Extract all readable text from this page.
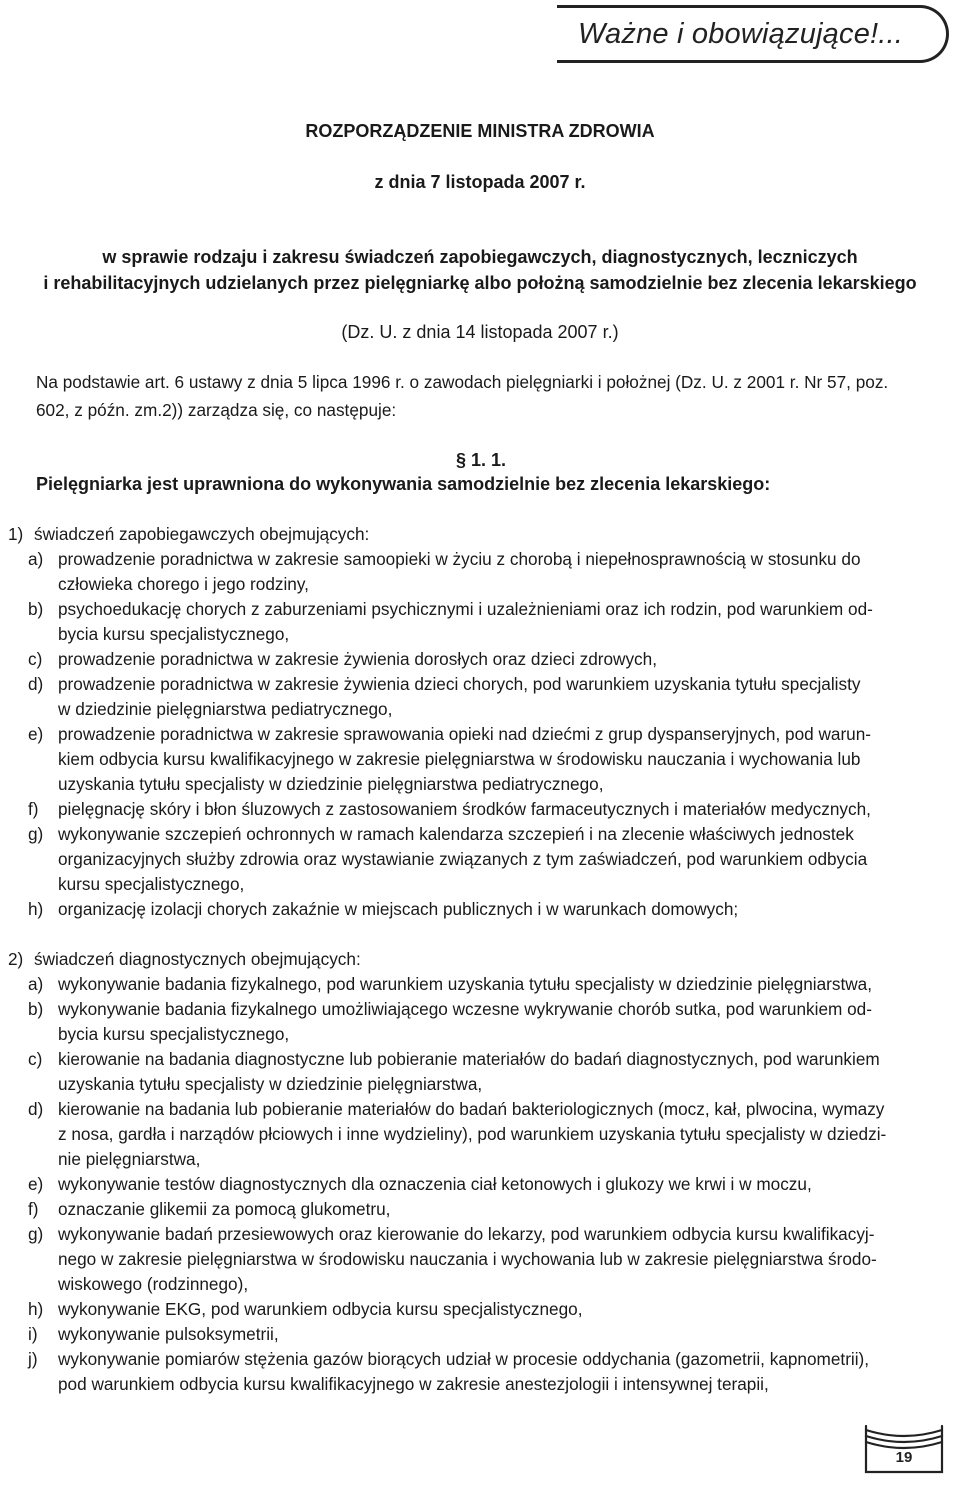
Ważne i obowiązujące!...
ROZPORZĄDZENIE MINISTRA ZDROWIA
z dnia 7 listopada 2007 r.
w sprawie rodzaju i zakresu świadczeń zapobiegawczych, diagnostycznych, leczniczych
i rehabilitacyjnych udzielanych przez pielęgniarkę albo położną samodzielnie bez zlecenia lekarskiego
(Dz. U. z dnia 14 listopada 2007 r.)
Na podstawie art. 6 ustawy z dnia 5 lipca 1996 r. o zawodach pielęgniarki i położnej (Dz. U. z 2001 r. Nr 57, poz.
602, z późn. zm.2)) zarządza się, co następuje:
§ 1. 1.
Pielęgniarka jest uprawniona do wykonywania samodzielnie bez zlecenia lekarskiego:
1) świadczeń zapobiegawczych obejmujących:
a) prowadzenie poradnictwa w zakresie samoopieki w życiu z chorobą i niepełnosprawnością w stosunku do
człowieka chorego i jego rodziny,
b) psychoedukację chorych z zaburzeniami psychicznymi i uzależnieniami oraz ich rodzin, pod warunkiem od-
bycia kursu specjalistycznego,
c) prowadzenie poradnictwa w zakresie żywienia dorosłych oraz dzieci zdrowych,
d) prowadzenie poradnictwa w zakresie żywienia dzieci chorych, pod warunkiem uzyskania tytułu specjalisty
w dziedzinie pielęgniarstwa pediatrycznego,
e) prowadzenie poradnictwa w zakresie sprawowania opieki nad dziećmi z grup dyspanseryjnych, pod warun-
kiem odbycia kursu kwalifikacyjnego w zakresie pielęgniarstwa w środowisku nauczania i wychowania lub
uzyskania tytułu specjalisty w dziedzinie pielęgniarstwa pediatrycznego,
f) pielęgnację skóry i błon śluzowych z zastosowaniem środków farmaceutycznych i materiałów medycznych,
g) wykonywanie szczepień ochronnych w ramach kalendarza szczepień i na zlecenie właściwych jednostek
organizacyjnych służby zdrowia oraz wystawianie związanych z tym zaświadczeń, pod warunkiem odbycia
kursu specjalistycznego,
h) organizację izolacji chorych zakaźnie w miejscach publicznych i w warunkach domowych;
2) świadczeń diagnostycznych obejmujących:
a) wykonywanie badania fizykalnego, pod warunkiem uzyskania tytułu specjalisty w dziedzinie pielęgniarstwa,
b) wykonywanie badania fizykalnego umożliwiającego wczesne wykrywanie chorób sutka, pod warunkiem od-
bycia kursu specjalistycznego,
c) kierowanie na badania diagnostyczne lub pobieranie materiałów do badań diagnostycznych, pod warunkiem
uzyskania tytułu specjalisty w dziedzinie pielęgniarstwa,
d) kierowanie na badania lub pobieranie materiałów do badań bakteriologicznych (mocz, kał, plwocina, wymazy
z nosa, gardła i narządów płciowych i inne wydzieliny), pod warunkiem uzyskania tytułu specjalisty w dziedzi-
nie pielęgniarstwa,
e) wykonywanie testów diagnostycznych dla oznaczenia ciał ketonowych i glukozy we krwi i w moczu,
f) oznaczanie glikemii za pomocą glukometru,
g) wykonywanie badań przesiewowych oraz kierowanie do lekarzy, pod warunkiem odbycia kursu kwalifikacyj-
nego w zakresie pielęgniarstwa w środowisku nauczania i wychowania lub w zakresie pielęgniarstwa środo-
wiskowego (rodzinnego),
h) wykonywanie EKG, pod warunkiem odbycia kursu specjalistycznego,
i) wykonywanie pulsoksymetrii,
j) wykonywanie pomiarów stężenia gazów biorących udział w procesie oddychania (gazometrii, kapnometrii),
pod warunkiem odbycia kursu kwalifikacyjnego w zakresie anestezjologii i intensywnej terapii,
19
